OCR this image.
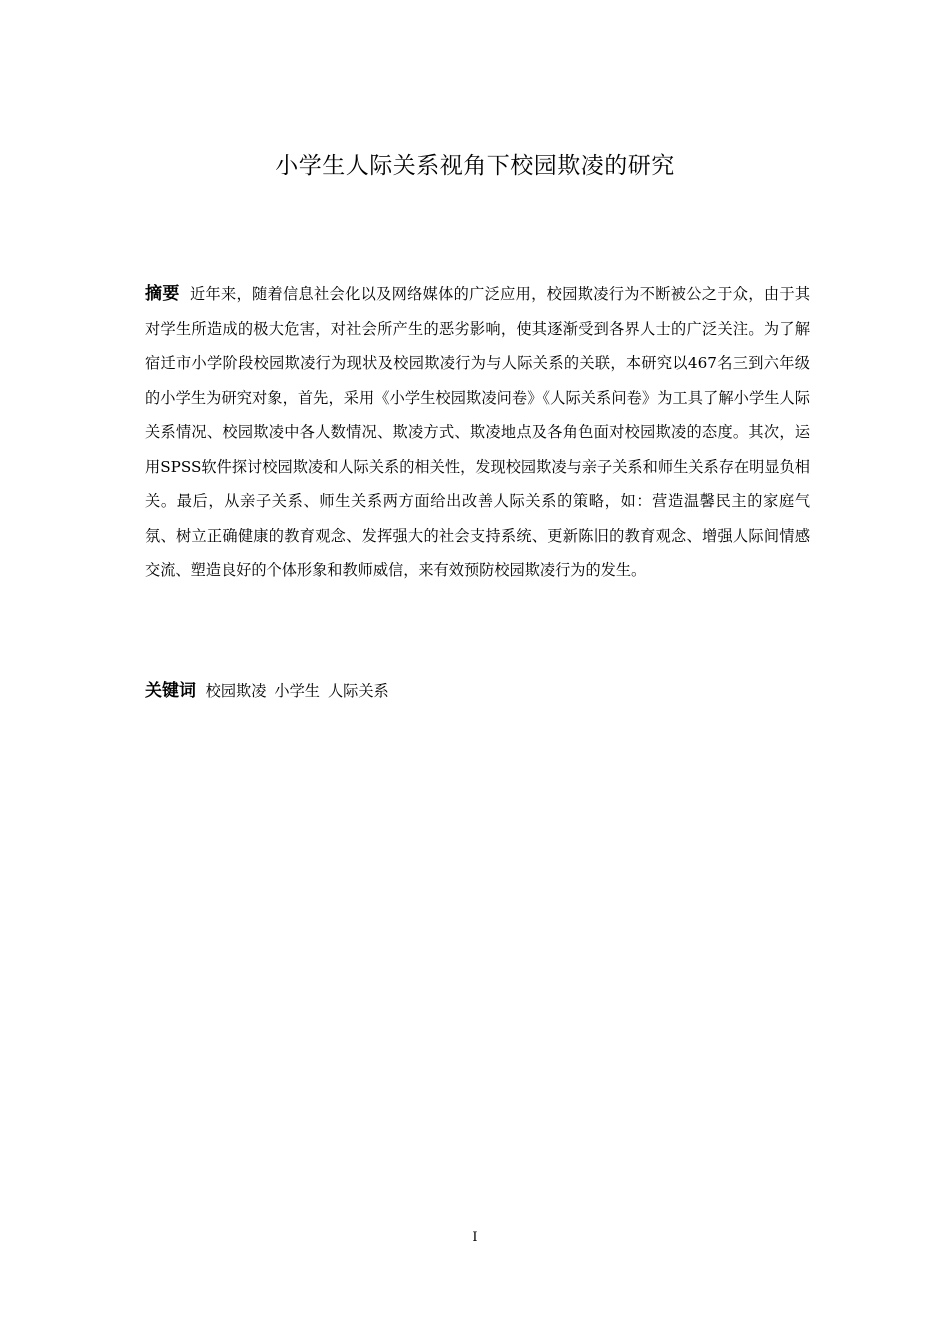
小学生人际关系视角下校园欺凌的研究

摘要 近年来，随着信息社会化以及网络媒体的广泛应用，校园欺凌行为不断被公之于众，由于其对学生所造成的极大危害，对社会所产生的恶劣影响，使其逐渐受到各界人士的广泛关注。为了解宿迁市小学阶段校园欺凌行为现状及校园欺凌行为与人际关系的关联，本研究以467名三到六年级的小学生为研究对象，首先，采用《小学生校园欺凌问卷》《人际关系问卷》为工具了解小学生人际关系情况、校园欺凌中各人数情况、欺凌方式、欺凌地点及各角色面对校园欺凌的态度。其次，运用SPSS软件探讨校园欺凌和人际关系的相关性，发现校园欺凌与亲子关系和师生关系存在明显负相关。最后，从亲子关系、师生关系两方面给出改善人际关系的策略，如：营造温馨民主的家庭气氛、树立正确健康的教育观念、发挥强大的社会支持系统、更新陈旧的教育观念、增强人际间情感交流、塑造良好的个体形象和教师威信，来有效预防校园欺凌行为的发生。

关键词 校园欺凌 小学生 人际关系

I
